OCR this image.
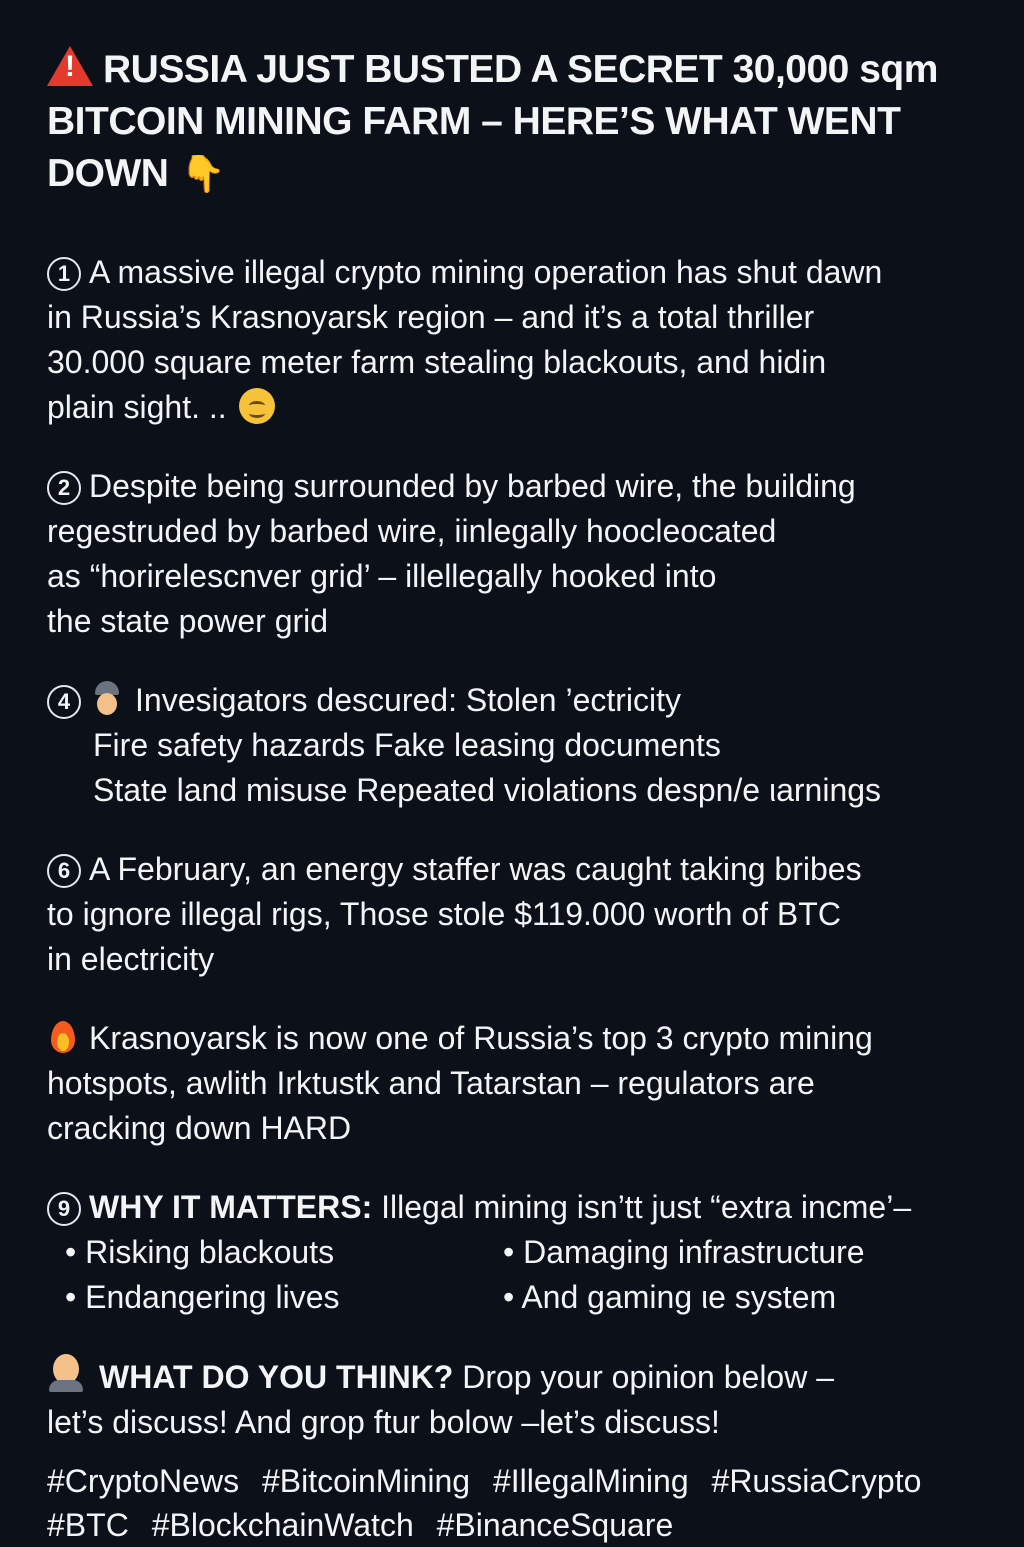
!RUSSIA JUST BUSTED A SECRET 30,000 sqm
BITCOIN MINING FARM – HERE’S WHAT WENT
DOWN 👇
1 A massive illegal crypto mining operation has shut dawn
in Russia’s Krasnoyarsk region – and it’s a total thriller
30.000 square meter farm stealing blackouts, and hidin
plain sight. ..
2 Despite being surrounded by barbed wire, the building
regestruded by barbed wire, iinlegally hoocleocated
as “horirelescnver grid’ – illellegally hooked into
the state power grid
4 Invesigators descured: Stolen ’ectricity
Fire safety hazards Fake leasing documents
State land misuse Repeated violations despn/e ιarnings
6 A February, an energy staffer was caught taking bribes
to ignore illegal rigs, Those stole $119.000 worth of BTC
in electricity
Krasnoyarsk is now one of Russia’s top 3 crypto mining
hotspots, awlith Irktustk and Tatarstan – regulators are
cracking down HARD
9 WHY IT MATTERS: Illegal mining isn’tt just “extra incme’–
• Risking blackouts	• Damaging infrastructure
• Endangering lives	• And gaming ιe system
WHAT DO YOU THINK? Drop your opinion below –
let’s discuss! And grop ftur bolow –let’s discuss!
#CryptoNews #BitcoinMining #IllegalMining #RussiaCrypto
#BTC #BlockchainWatch #BinanceSquare
